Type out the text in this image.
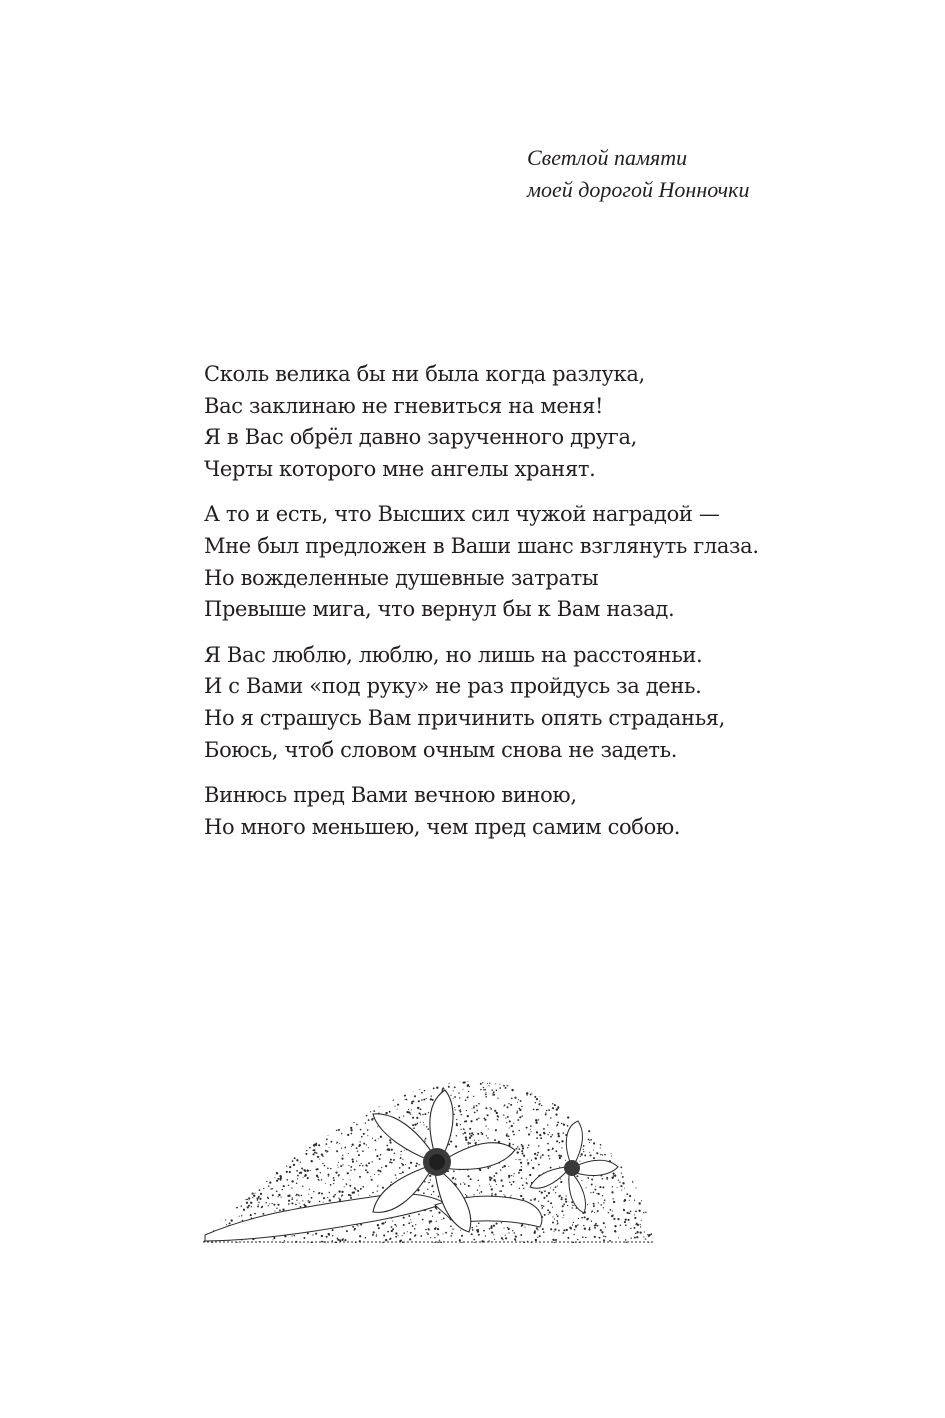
Светлой памяти
моей дорогой Нонночки
Сколь велика бы ни была когда разлука,
Вас заклинаю не гневиться на меня!
Я в Вас обрёл давно зарученного друга,
Черты которого мне ангелы хранят.
А то и есть, что Высших сил чужой наградой —
Мне был предложен в Ваши шанс взглянуть глаза.
Но вожделенные душевные затраты
Превыше мига, что вернул бы к Вам назад.
Я Вас люблю, люблю, но лишь на расстояньи.
И с Вами «под руку» не раз пройдусь за день.
Но я страшусь Вам причинить опять страданья,
Боюсь, чтоб словом очным снова не задеть.
Винюсь пред Вами вечною виною,
Но много меньшею, чем пред самим собою.
